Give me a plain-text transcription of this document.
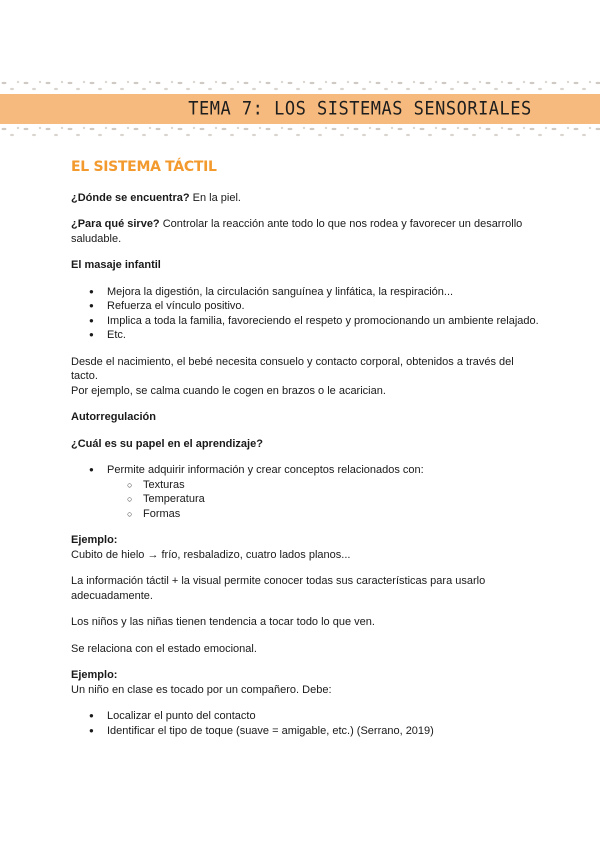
TEMA 7: LOS SISTEMAS SENSORIALES
EL SISTEMA TÁCTIL

¿Dónde se encuentra? En la piel.

¿Para qué sirve? Controlar la reacción ante todo lo que nos rodea y favorecer un desarrollo saludable.

El masaje infantil
● Mejora la digestión, la circulación sanguínea y linfática, la respiración...
● Refuerza el vínculo positivo.
● Implica a toda la familia, favoreciendo el respeto y promocionando un ambiente relajado.
● Etc.

Desde el nacimiento, el bebé necesita consuelo y contacto corporal, obtenidos a través del tacto.
Por ejemplo, se calma cuando le cogen en brazos o le acarician.

Autorregulación
¿Cuál es su papel en el aprendizaje?
● Permite adquirir información y crear conceptos relacionados con:
○ Texturas
○ Temperatura
○ Formas

Ejemplo:
Cubito de hielo → frío, resbaladizo, cuatro lados planos...

La información táctil + la visual permite conocer todas sus características para usarlo adecuadamente.

Los niños y las niñas tienen tendencia a tocar todo lo que ven.

Se relaciona con el estado emocional.

Ejemplo:
Un niño en clase es tocado por un compañero. Debe:

● Localizar el punto del contacto
● Identificar el tipo de toque (suave = amigable, etc.) (Serrano, 2019)
